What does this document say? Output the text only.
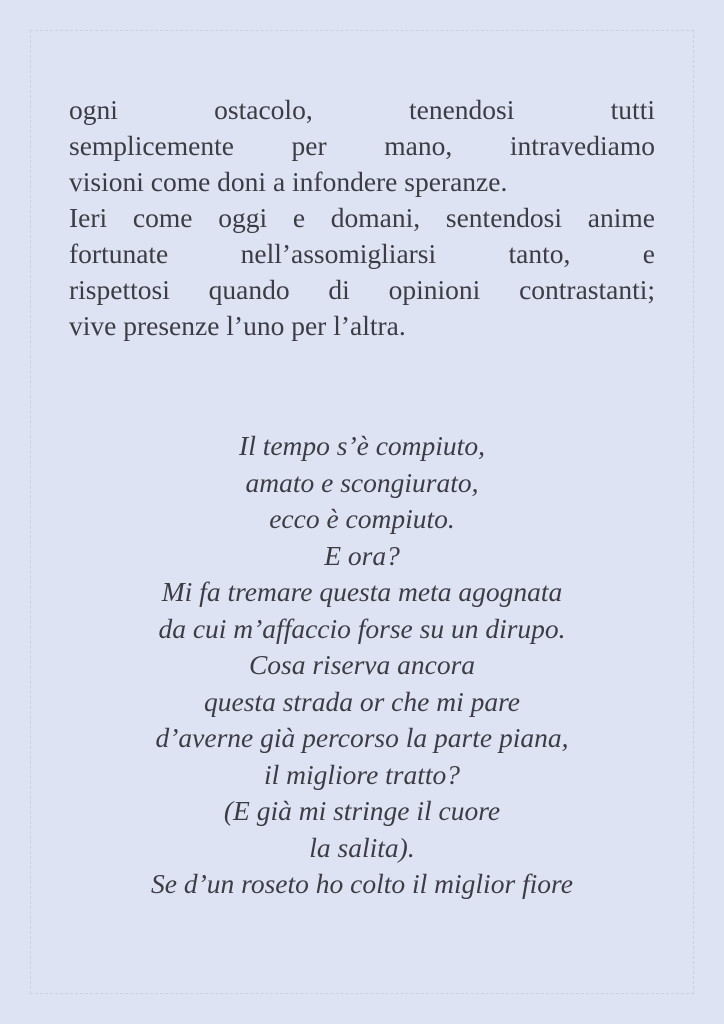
ogni	ostacolo,	tenendosi	tutti
semplicemente per mano, intravediamo
visioni come doni a infondere speranze.
Ieri come oggi e domani, sentendosi anime
fortunate	nell’assomigliarsi	tanto,	e
rispettosi quando di opinioni contrastanti;
vive presenze l’uno per l’altra.
Il tempo s’è compiuto,
amato e scongiurato,
ecco è compiuto.
E ora?
Mi fa tremare questa meta agognata
da cui m’affaccio forse su un dirupo.
Cosa riserva ancora
questa strada or che mi pare
d’averne già percorso la parte piana,
il migliore tratto?
(E già mi stringe il cuore
la salita).
Se d’un roseto ho colto il miglior fiore
